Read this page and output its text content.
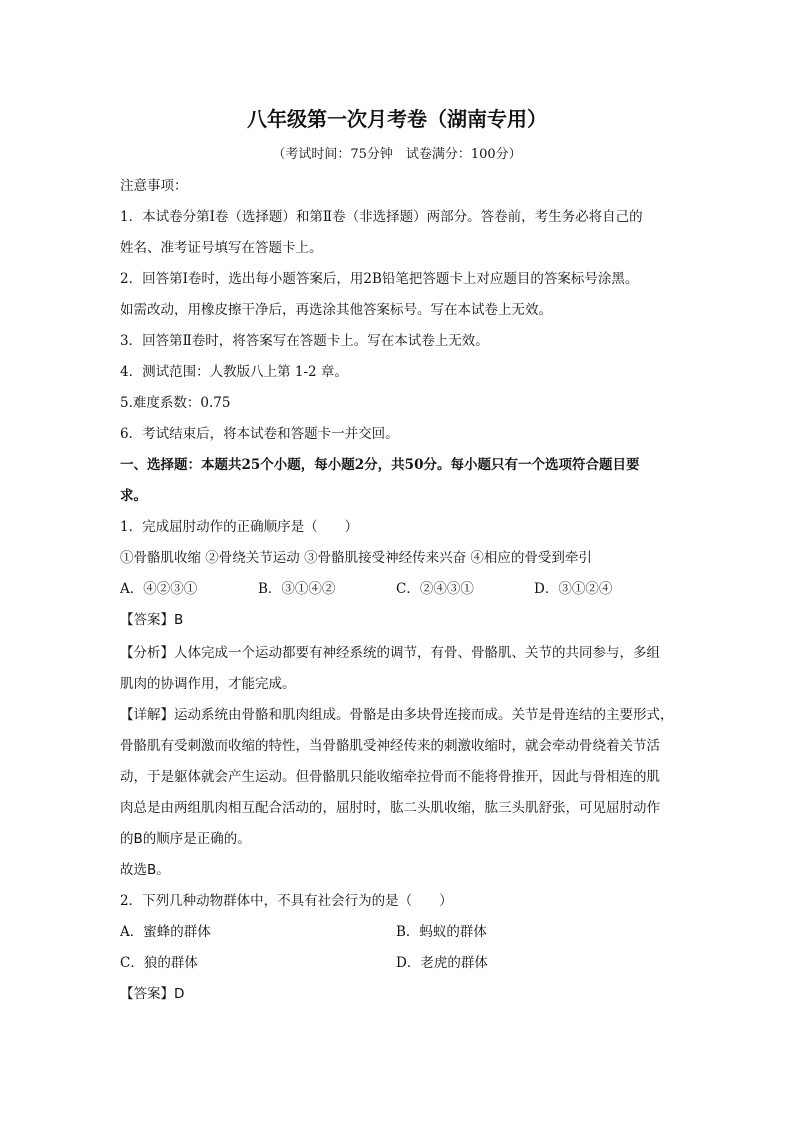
八年级第一次月考卷（湖南专用）
（考试时间：75分钟　试卷满分：100分）
注意事项：
1．本试卷分第Ⅰ卷（选择题）和第Ⅱ卷（非选择题）两部分。答卷前，考生务必将自己的
姓名、准考证号填写在答题卡上。
2．回答第Ⅰ卷时，选出每小题答案后，用2B铅笔把答题卡上对应题目的答案标号涂黑。
如需改动，用橡皮擦干净后，再选涂其他答案标号。写在本试卷上无效。
3．回答第Ⅱ卷时，将答案写在答题卡上。写在本试卷上无效。
4．测试范围：人教版八上第 1-2 章。
5.难度系数：0.75
6．考试结束后，将本试卷和答题卡一并交回。
一、选择题：本题共25个小题，每小题2分，共50分。每小题只有一个选项符合题目要
求。
1．完成屈肘动作的正确顺序是（　　）
①骨骼肌收缩 ②骨绕关节运动 ③骨骼肌接受神经传来兴奋 ④相应的骨受到牵引
A．④②③①	B．③①④②	C．②④③①	D．③①②④
【答案】B
【分析】人体完成一个运动都要有神经系统的调节，有骨、骨骼肌、关节的共同参与，多组
肌肉的协调作用，才能完成。
【详解】运动系统由骨骼和肌肉组成。骨骼是由多块骨连接而成。关节是骨连结的主要形式，
骨骼肌有受刺激而收缩的特性，当骨骼肌受神经传来的刺激收缩时，就会牵动骨绕着关节活
动，于是躯体就会产生运动。但骨骼肌只能收缩牵拉骨而不能将骨推开，因此与骨相连的肌
肉总是由两组肌肉相互配合活动的，屈肘时，肱二头肌收缩，肱三头肌舒张，可见屈肘动作
的B的顺序是正确的。
故选B。
2．下列几种动物群体中，不具有社会行为的是（　　）
A．蜜蜂的群体	B．蚂蚁的群体
C．狼的群体	D．老虎的群体
【答案】D
